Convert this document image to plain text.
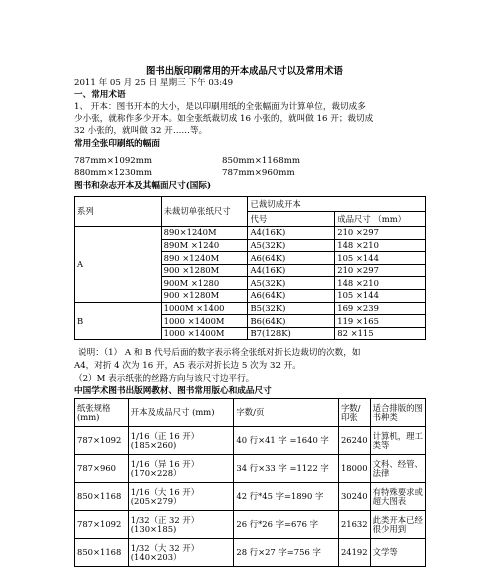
图书出版印刷常用的开本成品尺寸以及常用术语
2011 年 05 月 25 日 星期三 下午 03:49
一、常用术语
1、 开本：图书开本的大小，是以印刷用纸的全张幅面为计算单位，裁切成多
少小张，就称作多少开本。如全张纸裁切成 16 小张的，就叫做 16 开；裁切成
32 小张的，就叫做 32 开……等。
常用全张印刷纸的幅面
787mm×1092mm	850mm×1168mm
880mm×1230mm	787mm×960mm
图书和杂志开本及其幅面尺寸(国际)
系列	未裁切单张纸尺寸	已裁切成开本	
		代号	成品尺寸 （mm）
A	890×1240M	A4(16K)	210 ×297
	890M ×1240	A5(32K)	148 ×210
	890 ×1240M	A6(64K)	105 ×144
	900 ×1280M	A4(16K)	210 ×297
	900M ×1280	A5(32K)	148 ×210
	900 ×1280M	A6(64K)	105 ×144
B	1000M ×1400	B5(32K)	169 ×239
	1000 ×1400M	B6(64K)	119 ×165
	1000 ×1400M	B7(128K)	82 ×115
说明：（1） A 和 B 代号后面的数字表示将全张纸对折长边裁切的次数，如
A4，对折 4 次为 16 开，A5 表示对折长边 5 次为 32 开。
（2）M 表示纸张的丝路方向与该尺寸边平行。
中国学术图书出版网教材、图书常用版心和成品尺寸
纸张规格 (mm)	开本及成品尺寸 (mm)	字数/页	字数/印张	适合排版的图书种类
787×1092	1/16（正 16 开）(185×260)	40 行×41 字 =1640 字	26240	计算机，理工类等
787×960	1/16（异 16 开）(170×228）	34 行×33 字 =1122 字	18000	文科、经管、法律
850×1168	1/16（大 16 开）(205×279）	42 行*45 字=1890 字	30240	有特殊要求或超大图表
787×1092	1/32（正 32 开）(130×185)	26 行*26 字=676 字	21632	此类开本已经很少用到
850×1168	1/32（大 32 开）(140×203）	28 行×27 字=756 字	24192	文学等
